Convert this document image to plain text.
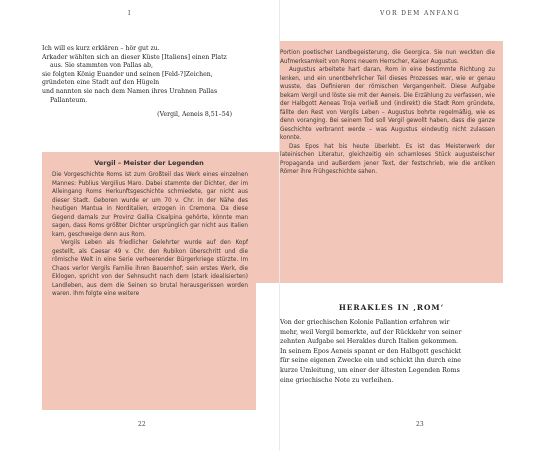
I
Ich will es kurz erklären – hör gut zu.
Arkader wählten sich an dieser Küste [Italiens] einen Platz
aus. Sie stammten von Pallas ab,
sie folgten König Euander und seinen [Feld-?]Zeichen,
gründeten eine Stadt auf den Hügeln
und nannten sie nach dem Namen ihres Urahnen Pallas
Pallanteum.
(Vergil, Aeneis 8,51–54)
Vergil – Meister der Legenden

Die Vorgeschichte Roms ist zum Großteil das Werk eines einzelnen Mannes: Publius Vergilius Maro. Dabei stammte der Dichter, der im Alleingang Roms Herkunftsgeschichte schmiedete, gar nicht aus dieser Stadt. Geboren wurde er um 70 v. Chr. in der Nähe des heutigen Mantua in Norditalien, erzogen in Cremona. Da diese Gegend damals zur Provinz Gallia Cisalpina gehörte, könnte man sagen, dass Roms größter Dichter ursprünglich gar nicht aus Italien kam, geschweige denn aus Rom.

Vergils Leben als friedlicher Gelehrter wurde auf den Kopf gestellt, als Caesar 49 v. Chr. den Rubikon überschritt und die römische Welt in eine Serie verheerender Bürgerkriege stürzte. Im Chaos verlor Vergils Familie ihren Bauernhof; sein erstes Werk, die Eklogen, spricht von der Sehnsucht nach dem (stark idealisierten) Landleben, aus dem die Seinen so brutal herausgerissen worden waren. Ihm folgte eine weitere

22
VOR DEM ANFANG
23

Portion poetischer Landbegeisterung, die Georgica. Sie nun weckten die Aufmerksamkeit von Roms neuem Herrscher, Kaiser Augustus.

Augustus arbeitete hart daran, Rom in eine bestimmte Richtung zu lenken, und ein unentbehrlicher Teil dieses Prozesses war, wie er genau wusste, das Definieren der römischen Vergangenheit. Diese Aufgabe bekam Vergil und löste sie mit der Aeneis. Die Erzählung zu verfassen, wie der Halbgott Aeneas Troja verließ und (indirekt) die Stadt Rom gründete, fällte den Rest von Vergils Leben – Augustus bohrte regelmäßig, wie es denn voranging. Bei seinem Tod soll Vergil gewollt haben, dass die ganze Geschichte verbrannt werde – was Augustus eindeutig nicht zulassen konnte.

Das Epos hat bis heute überlebt. Es ist das Meisterwerk der lateinischen Literatur, gleichzeitig ein schamloses Stück augusteischer Propaganda und außerdem jener Text, der festschrieb, wie die antiken Römer ihre Frühgeschichte sahen.

HERAKLES IN ‚ROM‘
Von der griechischen Kolonie Pallantion erfahren wir
mehr, weil Vergil bemerkte, auf der Rückkehr von seiner
zehnten Aufgabe sei Herakles durch Italien gekommen.
In seinem Epos Aeneis spannt er den Halbgott geschickt
für seine eigenen Zwecke ein und schickt ihn durch eine
kurze Umleitung, um einer der ältesten Legenden Roms
eine griechische Note zu verleihen.
